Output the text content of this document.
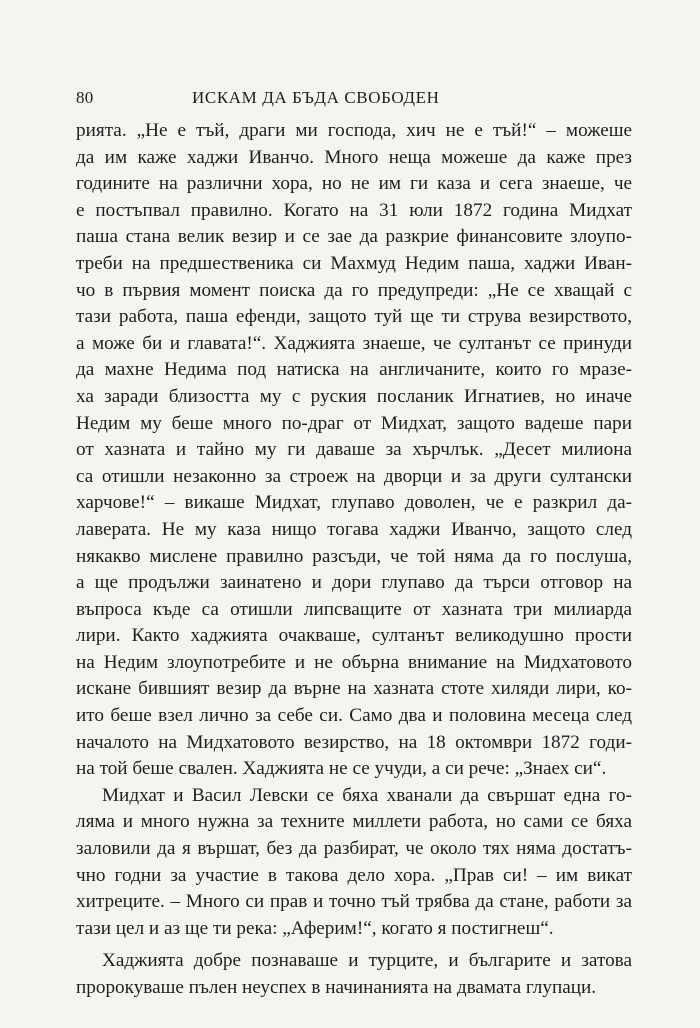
80	ИСКАМ ДА БЪДА СВОБОДЕН
рията. „Не е тъй, драги ми господа, хич не е тъй!“ – можеше
да им каже хаджи Иванчо. Много неща можеше да каже през
годините на различни хора, но не им ги каза и сега знаеше, че
е постъпвал правилно. Когато на 31 юли 1872 година Мидхат
паша стана велик везир и се зае да разкрие финансовите злоупо-
треби на предшественика си Махмуд Недим паша, хаджи Иван-
чо в първия момент поиска да го предупреди: „Не се хващай с
тази работа, паша ефенди, защото туй ще ти струва везирството,
а може би и главата!“. Хаджията знаеше, че султанът се принуди
да махне Недима под натиска на англичаните, които го мразе-
ха заради близостта му с руския посланик Игнатиев, но иначе
Недим му беше много по-драг от Мидхат, защото вадеше пари
от хазната и тайно му ги даваше за хърчлък. „Десет милиона
са отишли незаконно за строеж на дворци и за други султански
харчове!“ – викаше Мидхат, глупаво доволен, че е разкрил да-
лаверата. Не му каза нищо тогава хаджи Иванчо, защото след
някакво мислене правилно разсъди, че той няма да го послуша,
а ще продължи заинатено и дори глупаво да търси отговор на
въпроса къде са отишли липсващите от хазната три милиарда
лири. Както хаджията очакваше, султанът великодушно прости
на Недим злоупотребите и не обърна внимание на Мидхатовото
искане бившият везир да върне на хазната стоте хиляди лири, ко-
ито беше взел лично за себе си. Само два и половина месеца след
началото на Мидхатовото везирство, на 18 октомври 1872 годи-
на той беше свален. Хаджията не се учуди, а си рече: „Знаех си“.
Мидхат и Васил Левски се бяха хванали да свършат една го-
ляма и много нужна за техните миллети работа, но сами се бяха
заловили да я вършат, без да разбират, че около тях няма достатъ-
чно годни за участие в такова дело хора. „Прав си! – им викат
хитреците. – Много си прав и точно тъй трябва да стане, работи за
тази цел и аз ще ти река: „Аферим!“, когато я постигнеш“.
Хаджията добре познаваше и турците, и българите и затова
пророкуваше пълен неуспех в начинанията на двамата глупаци.
